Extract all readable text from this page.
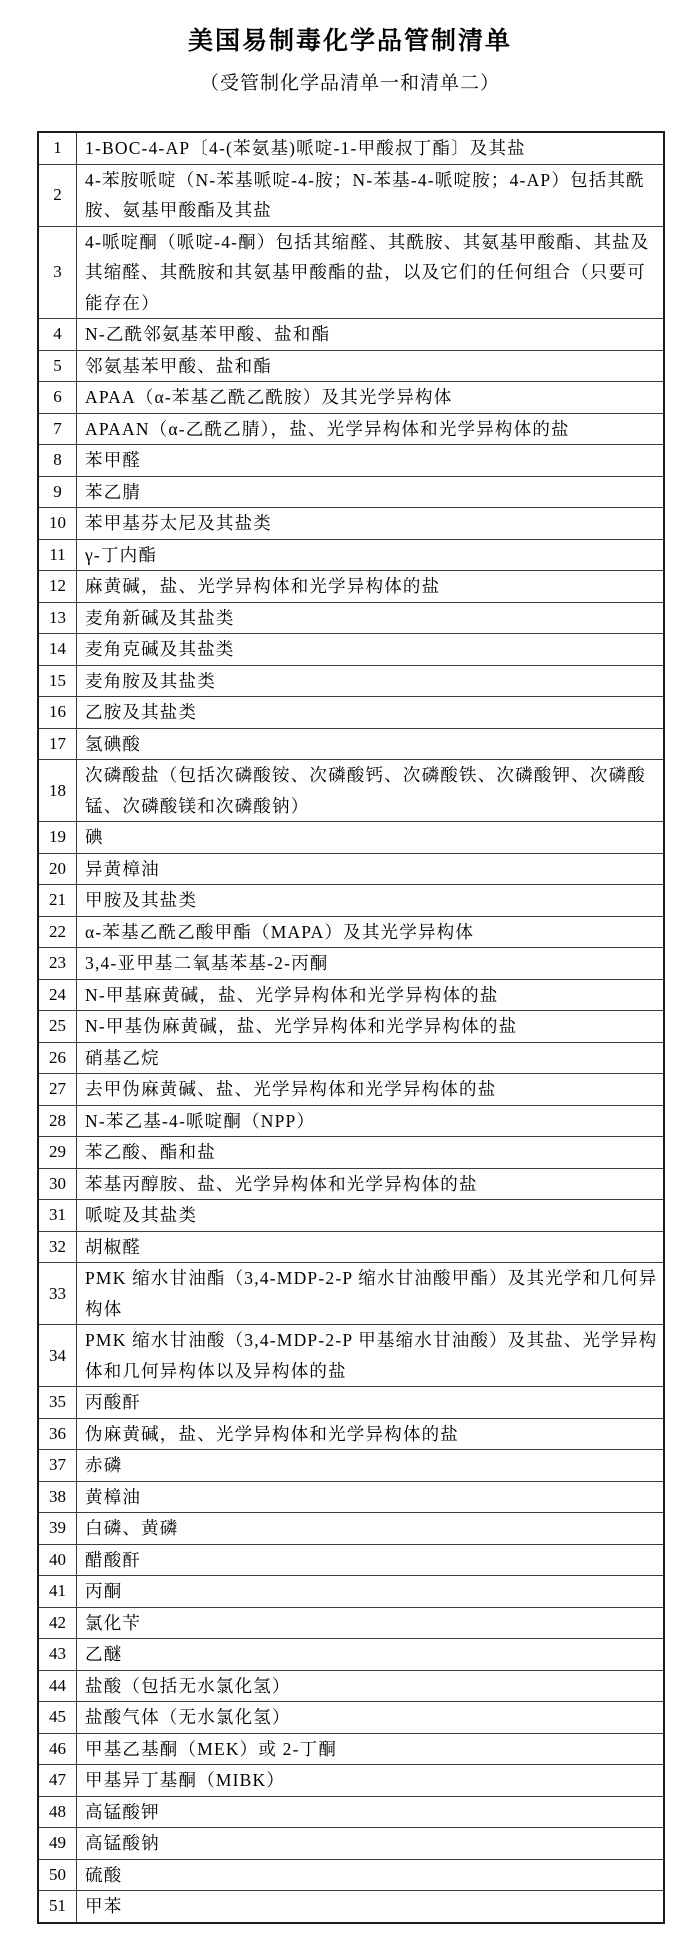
美国易制毒化学品管制清单
（受管制化学品清单一和清单二）
1	1-BOC-4-AP〔4-(苯氨基)哌啶-1-甲酸叔丁酯〕及其盐
2	4-苯胺哌啶（N-苯基哌啶-4-胺；N-苯基-4-哌啶胺；4-AP）包括其酰胺、氨基甲酸酯及其盐
3	4-哌啶酮（哌啶-4-酮）包括其缩醛、其酰胺、其氨基甲酸酯、其盐及其缩醛、其酰胺和其氨基甲酸酯的盐，以及它们的任何组合（只要可能存在）
4	N-乙酰邻氨基苯甲酸、盐和酯
5	邻氨基苯甲酸、盐和酯
6	APAA（α-苯基乙酰乙酰胺）及其光学异构体
7	APAAN（α-乙酰乙腈），盐、光学异构体和光学异构体的盐
8	苯甲醛
9	苯乙腈
10	苯甲基芬太尼及其盐类
11	γ-丁内酯
12	麻黄碱，盐、光学异构体和光学异构体的盐
13	麦角新碱及其盐类
14	麦角克碱及其盐类
15	麦角胺及其盐类
16	乙胺及其盐类
17	氢碘酸
18	次磷酸盐（包括次磷酸铵、次磷酸钙、次磷酸铁、次磷酸钾、次磷酸锰、次磷酸镁和次磷酸钠）
19	碘
20	异黄樟油
21	甲胺及其盐类
22	α-苯基乙酰乙酸甲酯（MAPA）及其光学异构体
23	3,4-亚甲基二氧基苯基-2-丙酮
24	N-甲基麻黄碱，盐、光学异构体和光学异构体的盐
25	N-甲基伪麻黄碱，盐、光学异构体和光学异构体的盐
26	硝基乙烷
27	去甲伪麻黄碱、盐、光学异构体和光学异构体的盐
28	N-苯乙基-4-哌啶酮（NPP）
29	苯乙酸、酯和盐
30	苯基丙醇胺、盐、光学异构体和光学异构体的盐
31	哌啶及其盐类
32	胡椒醛
33	PMK 缩水甘油酯（3,4-MDP-2-P 缩水甘油酸甲酯）及其光学和几何异构体
34	PMK 缩水甘油酸（3,4-MDP-2-P 甲基缩水甘油酸）及其盐、光学异构体和几何异构体以及异构体的盐
35	丙酸酐
36	伪麻黄碱，盐、光学异构体和光学异构体的盐
37	赤磷
38	黄樟油
39	白磷、黄磷
40	醋酸酐
41	丙酮
42	氯化苄
43	乙醚
44	盐酸（包括无水氯化氢）
45	盐酸气体（无水氯化氢）
46	甲基乙基酮（MEK）或 2-丁酮
47	甲基异丁基酮（MIBK）
48	高锰酸钾
49	高锰酸钠
50	硫酸
51	甲苯
